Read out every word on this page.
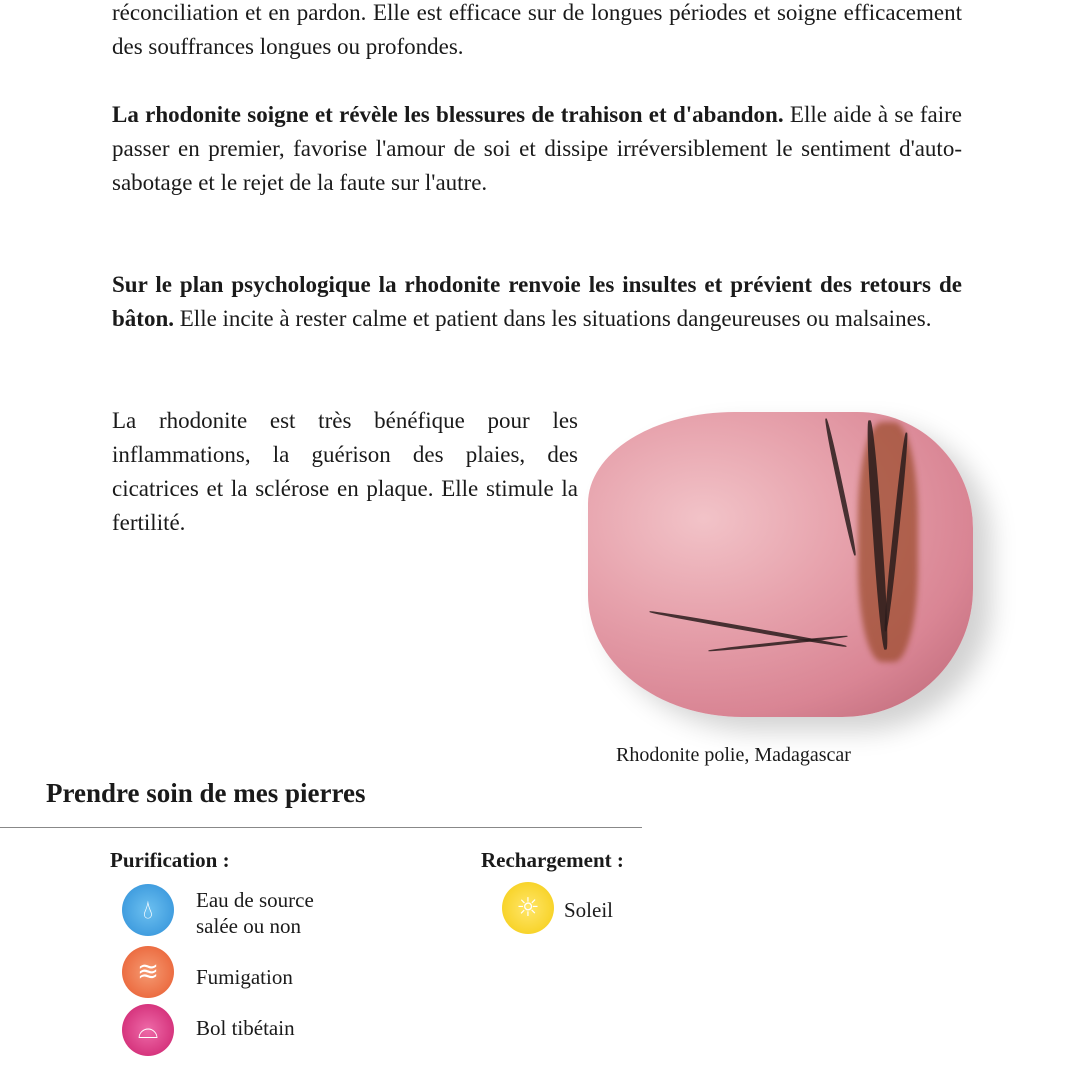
réconciliation et en pardon. Elle est efficace sur de longues périodes et soigne efficacement des souffrances longues ou profondes.

La rhodonite soigne et révèle les blessures de trahison et d'abandon. Elle aide à se faire passer en premier, favorise l'amour de soi et dissipe irréversiblement le sentiment d'auto-sabotage et le rejet de la faute sur l'autre.

Sur le plan psychologique la rhodonite renvoie les insultes et prévient des retours de bâton. Elle incite à rester calme et patient dans les situations dangeureuses ou malsaines.

La rhodonite est très bénéfique pour les inflammations, la guérison des plaies, des cicatrices et la sclérose en plaque. Elle stimule la fertilité.

Rhodonite polie, Madagascar
Prendre soin de mes pierres
Purification :
💧︎	Eau de source salée ou non
≋	Fumigation
⌓	Bol tibétain
Rechargement :
☼	Soleil
